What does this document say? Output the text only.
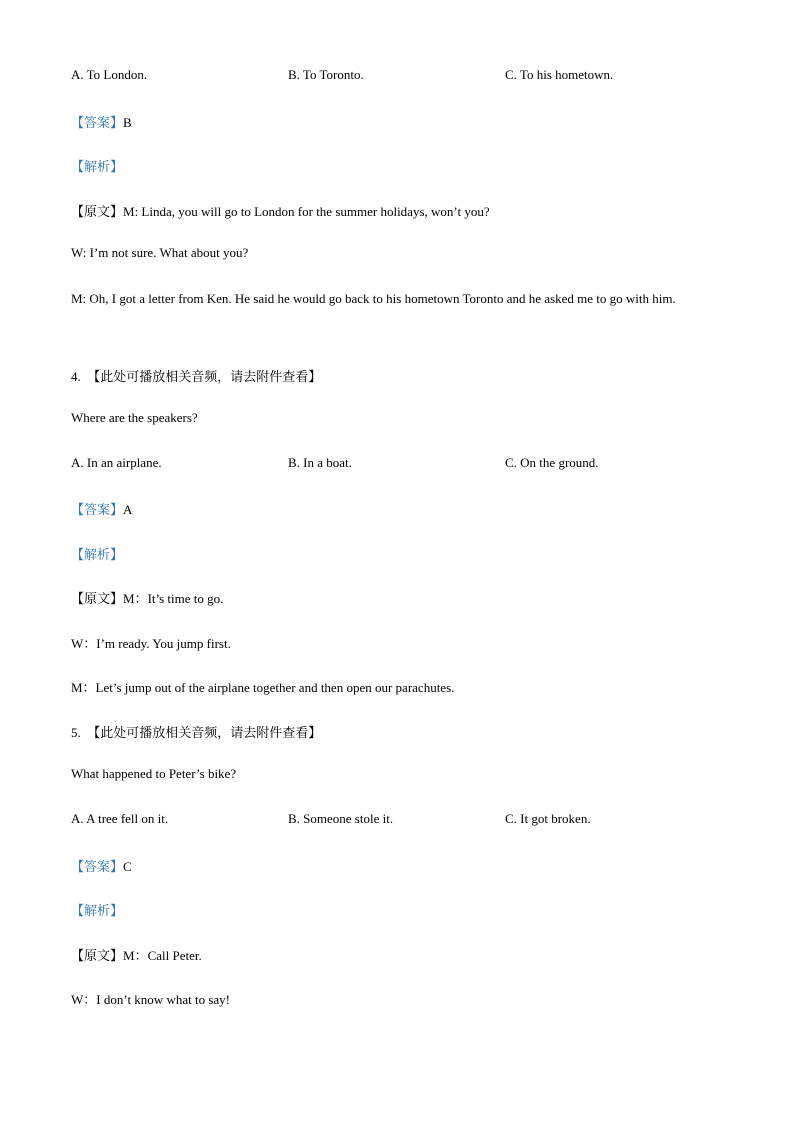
A. To London.	B. To Toronto.	C. To his hometown.
【答案】B
【解析】
【原文】M: Linda, you will go to London for the summer holidays, won’t you?
W: I’m not sure. What about you?
M: Oh, I got a letter from Ken. He said he would go back to his hometown Toronto and he asked me to go with him.
4. 【此处可播放相关音频，请去附件查看】
Where are the speakers?
A. In an airplane.	B. In a boat.	C. On the ground.
【答案】A
【解析】
【原文】M：It’s time to go.
W：I’m ready. You jump first.
M：Let’s jump out of the airplane together and then open our parachutes.
5. 【此处可播放相关音频，请去附件查看】
What happened to Peter’s bike?
A. A tree fell on it.	B. Someone stole it.	C. It got broken.
【答案】C
【解析】
【原文】M：Call Peter.
W：I don’t know what to say!
